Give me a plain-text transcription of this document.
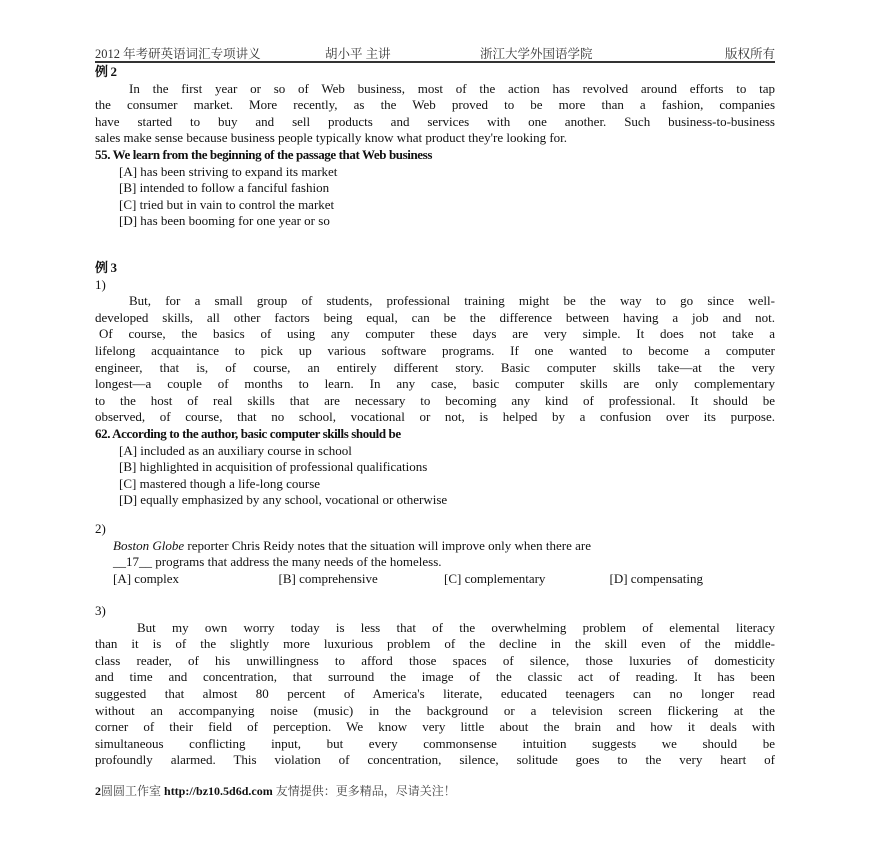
2012 年考研英语词汇专项讲义	胡小平 主讲	浙江大学外国语学院	版权所有
例 2
In the first year or so of Web business, most of the action has revolved around efforts to tap
the consumer market. More recently, as the Web proved to be more than a fashion, companies
have started to buy and sell products and services with one another. Such business-to-business
sales make sense because business people typically know what product they're looking for.
55. We learn from the beginning of the passage that Web business
[A] has been striving to expand its market
[B] intended to follow a fanciful fashion
[C] tried but in vain to control the market
[D] has been booming for one year or so
例 3
1)
But, for a small group of students, professional training might be the way to go since well-
developed skills, all other factors being equal, can be the difference between having a job and not.
Of course, the basics of using any computer these days are very simple. It does not take a
lifelong acquaintance to pick up various software programs. If one wanted to become a computer
engineer, that is, of course, an entirely different story. Basic computer skills take—at the very
longest—a couple of months to learn. In any case, basic computer skills are only complementary
to the host of real skills that are necessary to becoming any kind of professional. It should be
observed, of course, that no school, vocational or not, is helped by a confusion over its purpose.
62. According to the author, basic computer skills should be
[A] included as an auxiliary course in school
[B] highlighted in acquisition of professional qualifications
[C] mastered though a life-long course
[D] equally emphasized by any school, vocational or otherwise
2)
Boston Globe reporter Chris Reidy notes that the situation will improve only when there are
__17__ programs that address the many needs of the homeless.
[A] complex	[B] comprehensive	[C] complementary	[D] compensating
3)
But my own worry today is less that of the overwhelming problem of elemental literacy
than it is of the slightly more luxurious problem of the decline in the skill even of the middle-
class reader, of his unwillingness to afford those spaces of silence, those luxuries of domesticity
and time and concentration, that surround the image of the classic act of reading. It has been
suggested that almost 80 percent of America's literate, educated teenagers can no longer read
without an accompanying noise (music) in the background or a television screen flickering at the
corner of their field of perception. We know very little about the brain and how it deals with
simultaneous conflicting input, but every commonsense intuition suggests we should be
profoundly alarmed. This violation of concentration, silence, solitude goes to the very heart of
2圆圆工作室 http://bz10.5d6d.com 友情提供：更多精品，尽请关注！
